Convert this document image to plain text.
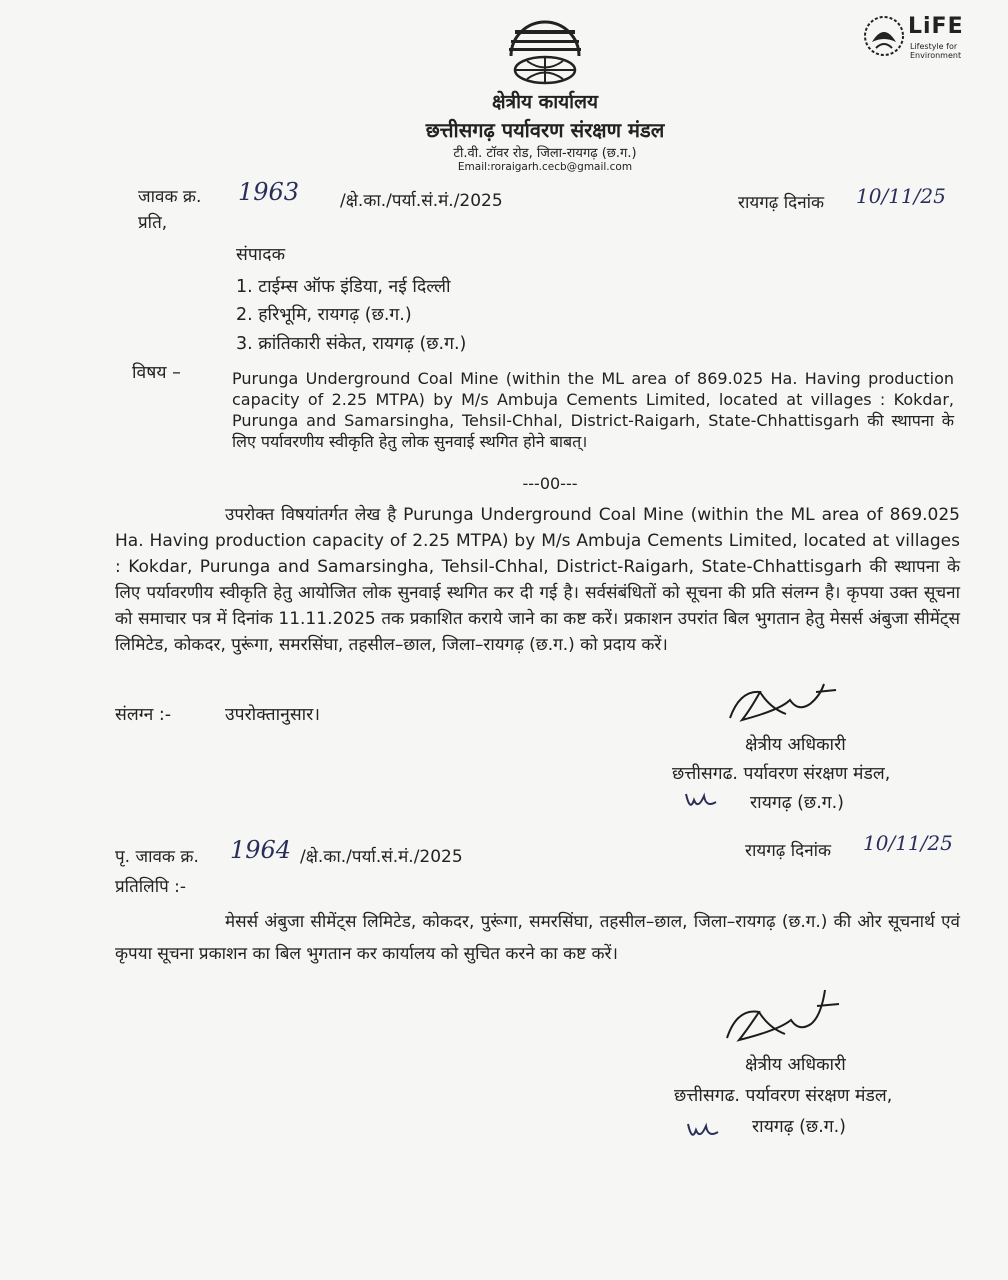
LiFE
Lifestyle for
Environment
क्षेत्रीय कार्यालय
छत्तीसगढ़ पर्यावरण संरक्षण मंडल
टी.वी. टॉवर रोड, जिला-रायगढ़ (छ.ग.)
Email:roraigarh.cecb@gmail.com
जावक क्र. 1963 /क्षे.का./पर्या.सं.मं./2025	रायगढ़ दिनांक 10/11/25
प्रति,
संपादक
1. टाईम्स ऑफ इंडिया, नई दिल्ली
2. हरिभूमि, रायगढ़ (छ.ग.)
3. क्रांतिकारी संकेत, रायगढ़ (छ.ग.)
विषय –	Purunga Underground Coal Mine (within the ML area of 869.025 Ha. Having production capacity of 2.25 MTPA) by M/s Ambuja Cements Limited, located at villages : Kokdar, Purunga and Samarsingha, Tehsil-Chhal, District-Raigarh, State-Chhattisgarh की स्थापना के लिए पर्यावरणीय स्वीकृति हेतु लोक सुनवाई स्थगित होने बाबत्।
---00---
उपरोक्त विषयांतर्गत लेख है Purunga Underground Coal Mine (within the ML area of 869.025 Ha. Having production capacity of 2.25 MTPA) by M/s Ambuja Cements Limited, located at villages : Kokdar, Purunga and Samarsingha, Tehsil-Chhal, District-Raigarh, State-Chhattisgarh की स्थापना के लिए पर्यावरणीय स्वीकृति हेतु आयोजित लोक सुनवाई स्थगित कर दी गई है। सर्वसंबंधितों को सूचना की प्रति संलग्न है। कृपया उक्त सूचना को समाचार पत्र में दिनांक 11.11.2025 तक प्रकाशित कराये जाने का कष्ट करें। प्रकाशन उपरांत बिल भुगतान हेतु मेसर्स अंबुजा सीमेंट्स लिमिटेड, कोकदर, पुरूंगा, समरसिंघा, तहसील–छाल, जिला–रायगढ़ (छ.ग.) को प्रदाय करें।
संलग्न :-	उपरोक्तानुसार।
क्षेत्रीय अधिकारी
छत्तीसगढ. पर्यावरण संरक्षण मंडल,
रायगढ़ (छ.ग.)
पृ. जावक क्र. 1964 /क्षे.का./पर्या.सं.मं./2025	रायगढ़ दिनांक 10/11/25
प्रतिलिपि :-
मेसर्स अंबुजा सीमेंट्स लिमिटेड, कोकदर, पुरूंगा, समरसिंघा, तहसील–छाल, जिला–रायगढ़ (छ.ग.) की ओर सूचनार्थ एवं कृपया सूचना प्रकाशन का बिल भुगतान कर कार्यालय को सुचित करने का कष्ट करें।
क्षेत्रीय अधिकारी
छत्तीसगढ. पर्यावरण संरक्षण मंडल,
रायगढ़ (छ.ग.)
